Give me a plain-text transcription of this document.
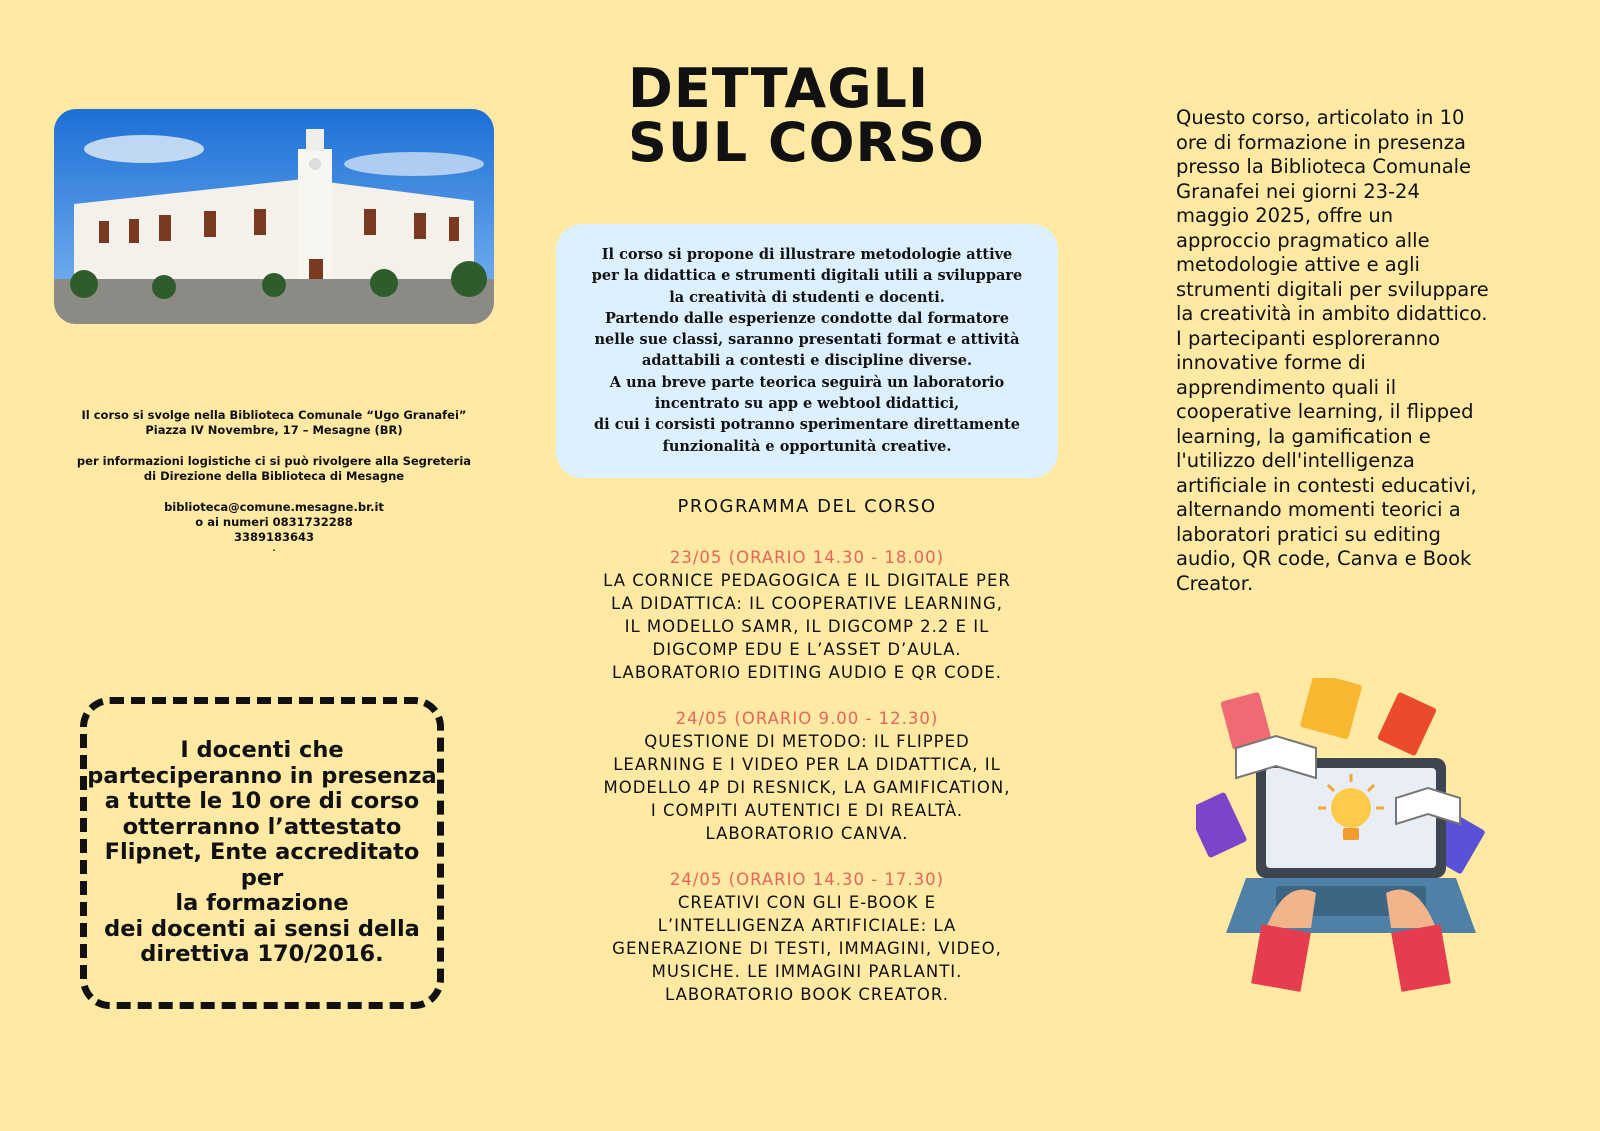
Il corso si svolge nella Biblioteca Comunale “Ugo Granafei”
Piazza IV Novembre, 17 – Mesagne (BR)

per informazioni logistiche ci si può rivolgere alla Segreteria
di Direzione della Biblioteca di Mesagne

biblioteca@comune.mesagne.br.it
o ai numeri 0831732288
3389183643
.

I docenti che
parteciperanno in presenza
a tutte le 10 ore di corso
otterranno l’attestato
Flipnet, Ente accreditato per
la formazione
dei docenti ai sensi della
direttiva 170/2016.
DETTAGLI
SUL CORSO
Il corso si propone di illustrare metodologie attive
per la didattica e strumenti digitali utili a sviluppare
la creatività di studenti e docenti.
Partendo dalle esperienze condotte dal formatore
nelle sue classi, saranno presentati format e attività
adattabili a contesti e discipline diverse.
A una breve parte teorica seguirà un laboratorio
incentrato su app e webtool didattici,
di cui i corsisti potranno sperimentare direttamente
funzionalità e opportunità creative.
PROGRAMMA DEL CORSO
23/05 (ORARIO 14.30 - 18.00)
LA CORNICE PEDAGOGICA E IL DIGITALE PER
LA DIDATTICA: IL COOPERATIVE LEARNING,
IL MODELLO SAMR, IL DIGCOMP 2.2 E IL
DIGCOMP EDU E L’ASSET D’AULA.
LABORATORIO EDITING AUDIO E QR CODE.
24/05 (ORARIO 9.00 - 12.30)
QUESTIONE DI METODO: IL FLIPPED
LEARNING E I VIDEO PER LA DIDATTICA, IL
MODELLO 4P DI RESNICK, LA GAMIFICATION,
I COMPITI AUTENTICI E DI REALTÀ.
LABORATORIO CANVA.
24/05 (ORARIO 14.30 - 17.30)
CREATIVI CON GLI E-BOOK E
L’INTELLIGENZA ARTIFICIALE: LA
GENERAZIONE DI TESTI, IMMAGINI, VIDEO,
MUSICHE. LE IMMAGINI PARLANTI.
LABORATORIO BOOK CREATOR.
Questo corso, articolato in 10
ore di formazione in presenza
presso la Biblioteca Comunale
Granafei nei giorni 23-24
maggio 2025, offre un
approccio pragmatico alle
metodologie attive e agli
strumenti digitali per sviluppare
la creatività in ambito didattico.
I partecipanti esploreranno
innovative forme di
apprendimento quali il
cooperative learning, il flipped
learning, la gamification e
l'utilizzo dell'intelligenza
artificiale in contesti educativi,
alternando momenti teorici a
laboratori pratici su editing
audio, QR code, Canva e Book
Creator.
